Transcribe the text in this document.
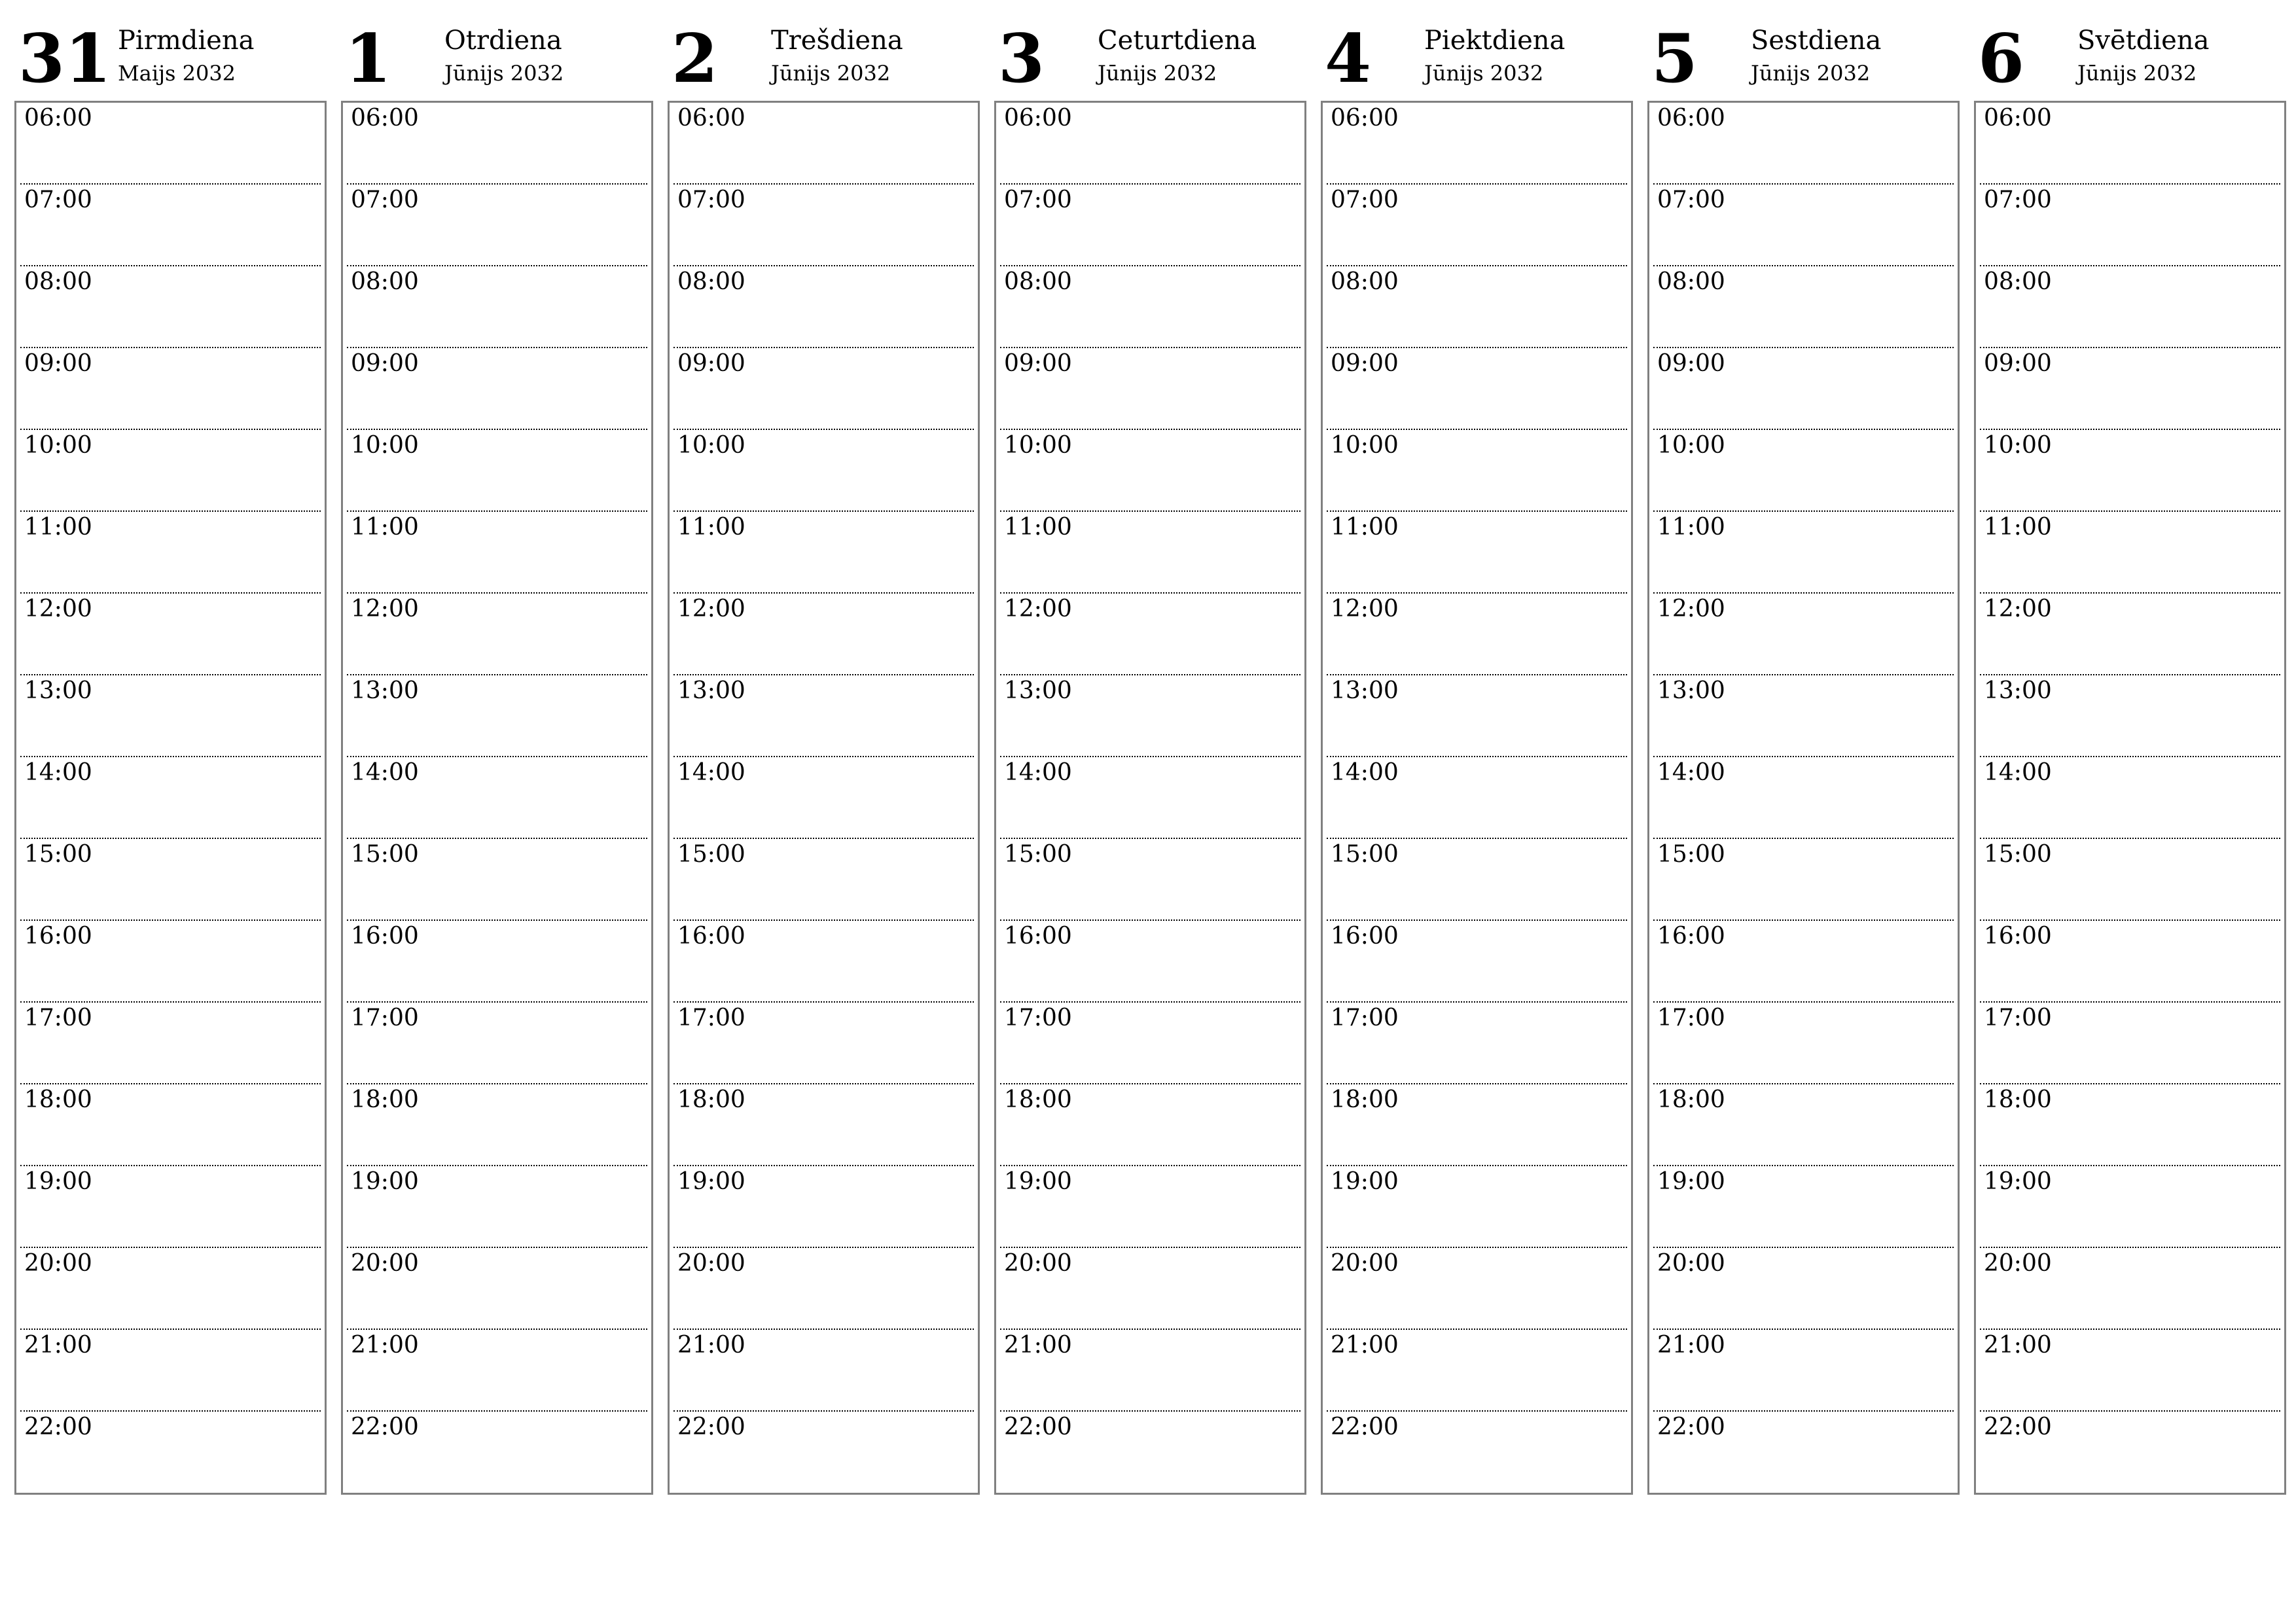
31 Pirmdiena
Maijs 2032
06:00
07:00
08:00
09:00
10:00
11:00
12:00
13:00
14:00
15:00
16:00
17:00
18:00
19:00
20:00
21:00
22:00
1 Otrdiena
Jūnijs 2032
06:00
07:00
08:00
09:00
10:00
11:00
12:00
13:00
14:00
15:00
16:00
17:00
18:00
19:00
20:00
21:00
22:00
2 Trešdiena
Jūnijs 2032
06:00
07:00
08:00
09:00
10:00
11:00
12:00
13:00
14:00
15:00
16:00
17:00
18:00
19:00
20:00
21:00
22:00
3 Ceturtdiena
Jūnijs 2032
06:00
07:00
08:00
09:00
10:00
11:00
12:00
13:00
14:00
15:00
16:00
17:00
18:00
19:00
20:00
21:00
22:00
4 Piektdiena
Jūnijs 2032
06:00
07:00
08:00
09:00
10:00
11:00
12:00
13:00
14:00
15:00
16:00
17:00
18:00
19:00
20:00
21:00
22:00
5 Sestdiena
Jūnijs 2032
06:00
07:00
08:00
09:00
10:00
11:00
12:00
13:00
14:00
15:00
16:00
17:00
18:00
19:00
20:00
21:00
22:00
6 Svētdiena
Jūnijs 2032
06:00
07:00
08:00
09:00
10:00
11:00
12:00
13:00
14:00
15:00
16:00
17:00
18:00
19:00
20:00
21:00
22:00
